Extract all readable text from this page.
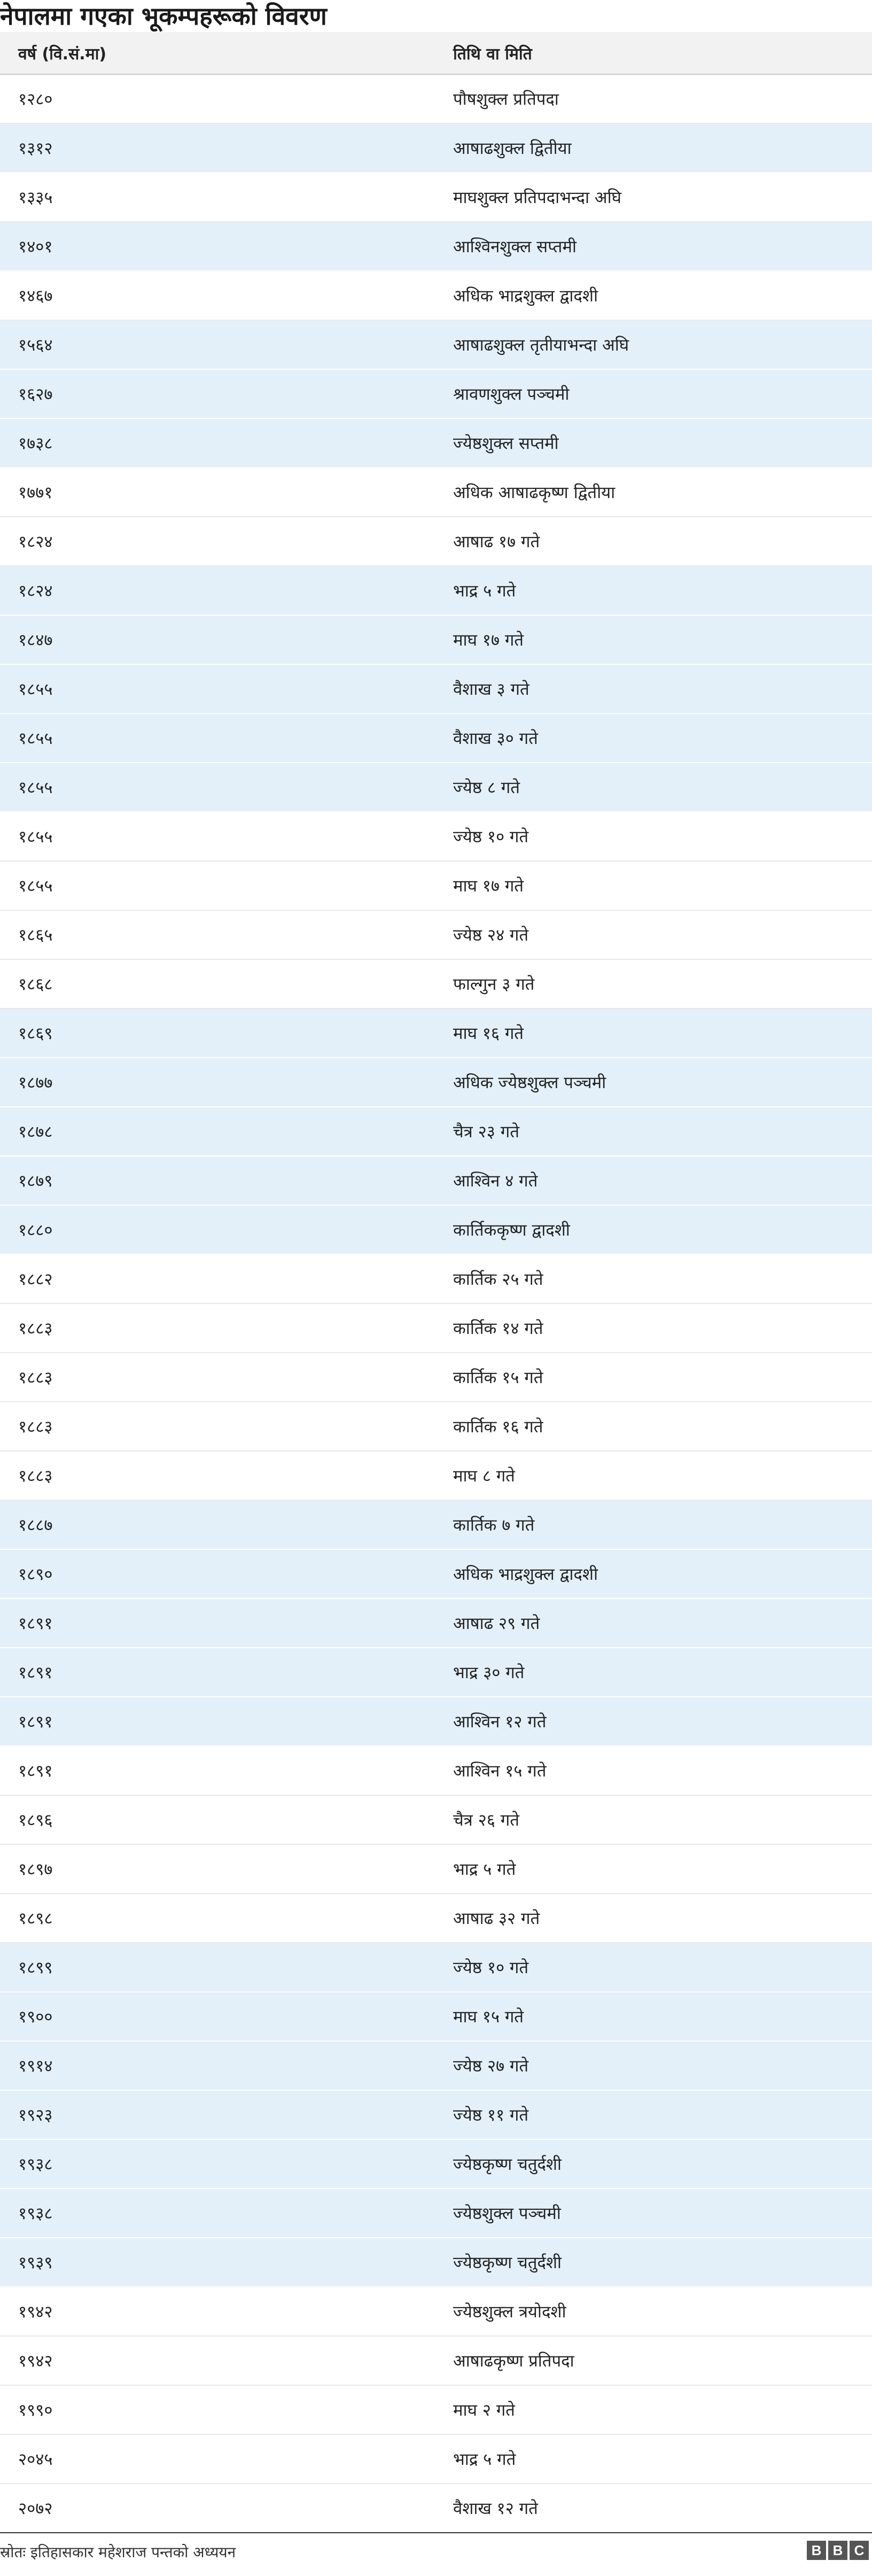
नेपालमा गएका भूकम्पहरूको विवरण
वर्ष (वि.सं.मा)	तिथि वा मिति
१२८०	पौषशुक्ल प्रतिपदा
१३१२	आषाढशुक्ल द्वितीया
१३३५	माघशुक्ल प्रतिपदाभन्दा अघि
१४०१	आश्विनशुक्ल सप्तमी
१४६७	अधिक भाद्रशुक्ल द्वादशी
१५६४	आषाढशुक्ल तृतीयाभन्दा अघि
१६२७	श्रावणशुक्ल पञ्चमी
१७३८	ज्येष्ठशुक्ल सप्तमी
१७७१	अधिक आषाढकृष्ण द्वितीया
१८२४	आषाढ १७ गते
१८२४	भाद्र ५ गते
१८४७	माघ १७ गते
१८५५	वैशाख ३ गते
१८५५	वैशाख ३० गते
१८५५	ज्येष्ठ ८ गते
१८५५	ज्येष्ठ १० गते
१८५५	माघ १७ गते
१८६५	ज्येष्ठ २४ गते
१८६८	फाल्गुन ३ गते
१८६९	माघ १६ गते
१८७७	अधिक ज्येष्ठशुक्ल पञ्चमी
१८७८	चैत्र २३ गते
१८७९	आश्विन ४ गते
१८८०	कार्तिककृष्ण द्वादशी
१८८२	कार्तिक २५ गते
१८८३	कार्तिक १४ गते
१८८३	कार्तिक १५ गते
१८८३	कार्तिक १६ गते
१८८३	माघ ८ गते
१८८७	कार्तिक ७ गते
१८९०	अधिक भाद्रशुक्ल द्वादशी
१८९१	आषाढ २९ गते
१८९१	भाद्र ३० गते
१८९१	आश्विन १२ गते
१८९१	आश्विन १५ गते
१८९६	चैत्र २६ गते
१८९७	भाद्र ५ गते
१८९८	आषाढ ३२ गते
१८९९	ज्येष्ठ १० गते
१९००	माघ १५ गते
१९१४	ज्येष्ठ २७ गते
१९२३	ज्येष्ठ ११ गते
१९३८	ज्येष्ठकृष्ण चतुर्दशी
१९३८	ज्येष्ठशुक्ल पञ्चमी
१९३९	ज्येष्ठकृष्ण चतुर्दशी
१९४२	ज्येष्ठशुक्ल त्रयोदशी
१९४२	आषाढकृष्ण प्रतिपदा
१९९०	माघ २ गते
२०४५	भाद्र ५ गते
२०७२	वैशाख १२ गते
स्रोतः इतिहासकार महेशराज पन्तको अध्ययन	B B C
